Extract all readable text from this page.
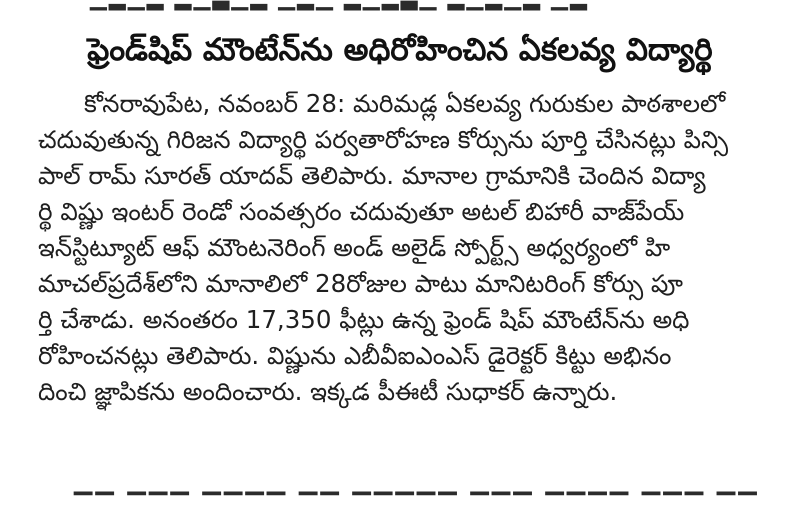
ఫ్రెండ్‌షిప్‌ మౌంటేన్‌ను అధిరోహించిన ఏకలవ్య విద్యార్థి
కోనరావుపేట, నవంబర్‌ 28: మరిమడ్ల ఏకలవ్య గురుకుల పాఠశాలలో
చదువుతున్న గిరిజన విద్యార్థి పర్వతారోహణ కోర్సును పూర్తి చేసినట్లు పిన్సి
పాల్‌ రామ్‌ సూరత్‌ యాదవ్‌ తెలిపారు. మానాల గ్రామానికి చెందిన విద్యా
ర్థి విష్ణు ఇంటర్‌ రెండో సంవత్సరం చదువుతూ అటల్‌ బిహారీ వాజ్‌పేయ్‌
ఇన్‌స్టిట్యూట్‌ ఆఫ్‌ మౌంటనెరింగ్‌ అండ్‌ అలైడ్‌ స్పోర్ట్స్‌ అధ్వర్యంలో హి
మాచల్‌ప్రదేశ్‌లోని మానాలిలో 28రోజుల పాటు మానిటరింగ్‌ కోర్సు పూ
ర్తి చేశాడు. అనంతరం 17,350 ఫీట్లు ఉన్న ఫ్రెండ్‌ షిప్‌ మౌంటేన్‌ను అధి
రోహించనట్లు తెలిపారు. విష్ణును ఎబీవీఐఎంఎస్‌ డైరెక్టర్‌ కిట్టు అభినం
దించి జ్ఞాపికను అందించారు. ఇక్కడ పీఈటీ సుధాకర్‌ ఉన్నారు.
▔▔ ▔▔▔ ▔▔▔▔ ▔▔ ▔▔▔▔▔ ▔▔▔ ▔▔▔▔ ▔▔▔ ▔▔
